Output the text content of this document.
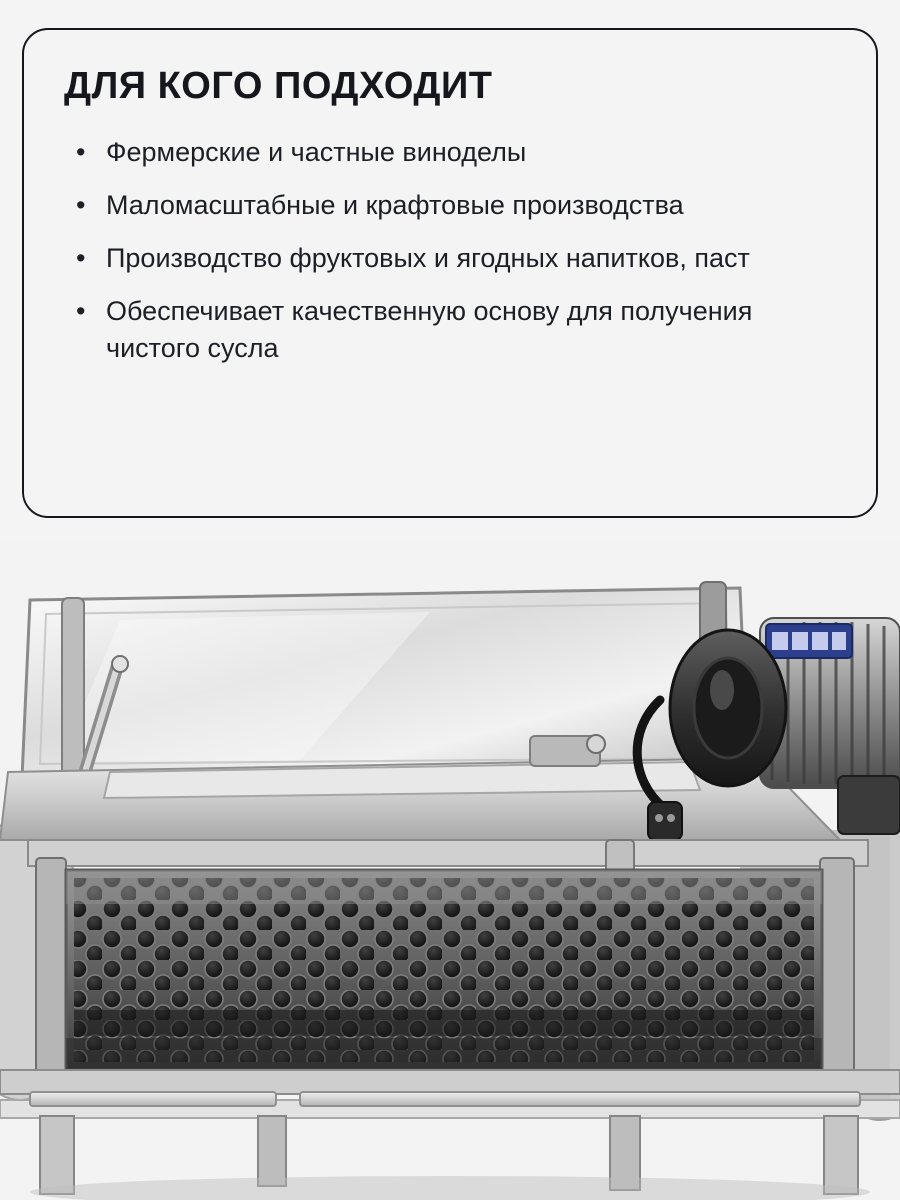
ДЛЯ КОГО ПОДХОДИТ
• Фермерские и частные виноделы
• Маломасштабные и крафтовые производства
• Производство фруктовых и ягодных напитков, паст
• Обеспечивает качественную основу для получения чистого сусла
